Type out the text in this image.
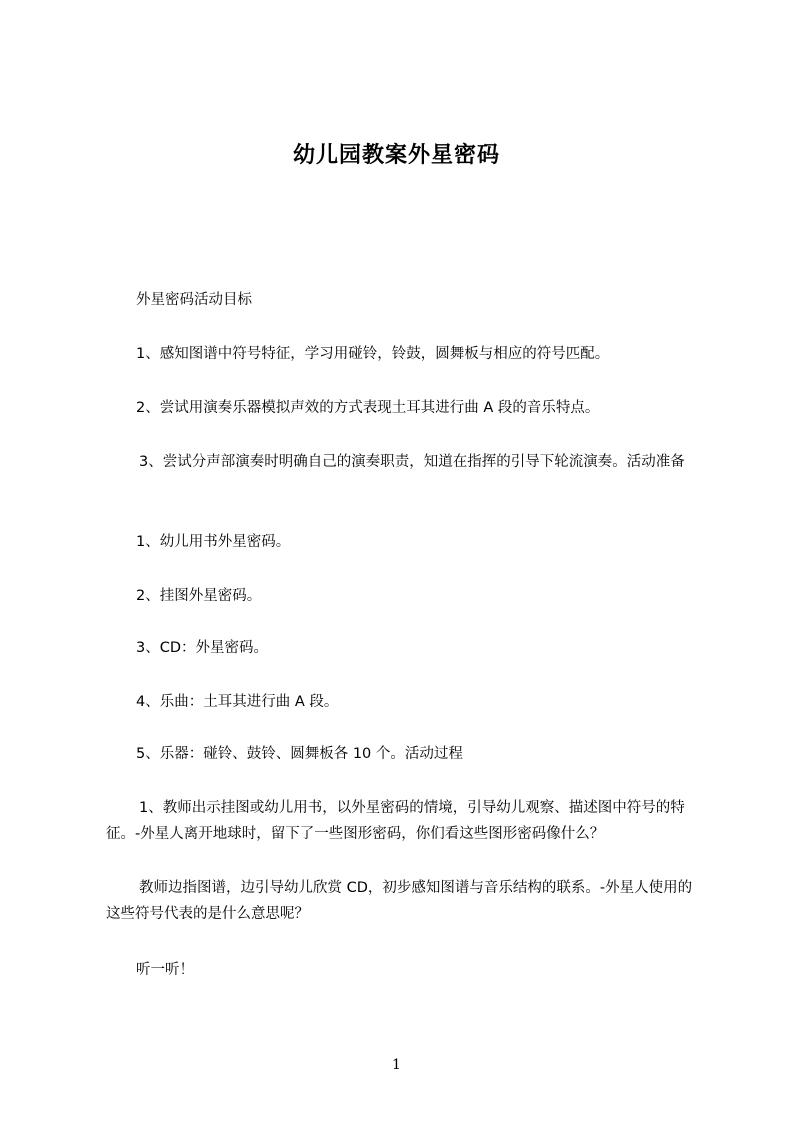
幼儿园教案外星密码
外星密码活动目标
1、感知图谱中符号特征，学习用碰铃，铃鼓，圆舞板与相应的符号匹配。
2、尝试用演奏乐器模拟声效的方式表现土耳其进行曲 A 段的音乐特点。
3、尝试分声部演奏时明确自己的演奏职责，知道在指挥的引导下轮流演奏。活动准备
1、幼儿用书外星密码。
2、挂图外星密码。
3、CD：外星密码。
4、乐曲：土耳其进行曲 A 段。
5、乐器：碰铃、鼓铃、圆舞板各 10 个。活动过程
1、教师出示挂图或幼儿用书，以外星密码的情境，引导幼儿观察、描述图中符号的特征。-外星人离开地球时，留下了一些图形密码，你们看这些图形密码像什么？
教师边指图谱，边引导幼儿欣赏 CD，初步感知图谱与音乐结构的联系。-外星人使用的这些符号代表的是什么意思呢？
听一听！
1
